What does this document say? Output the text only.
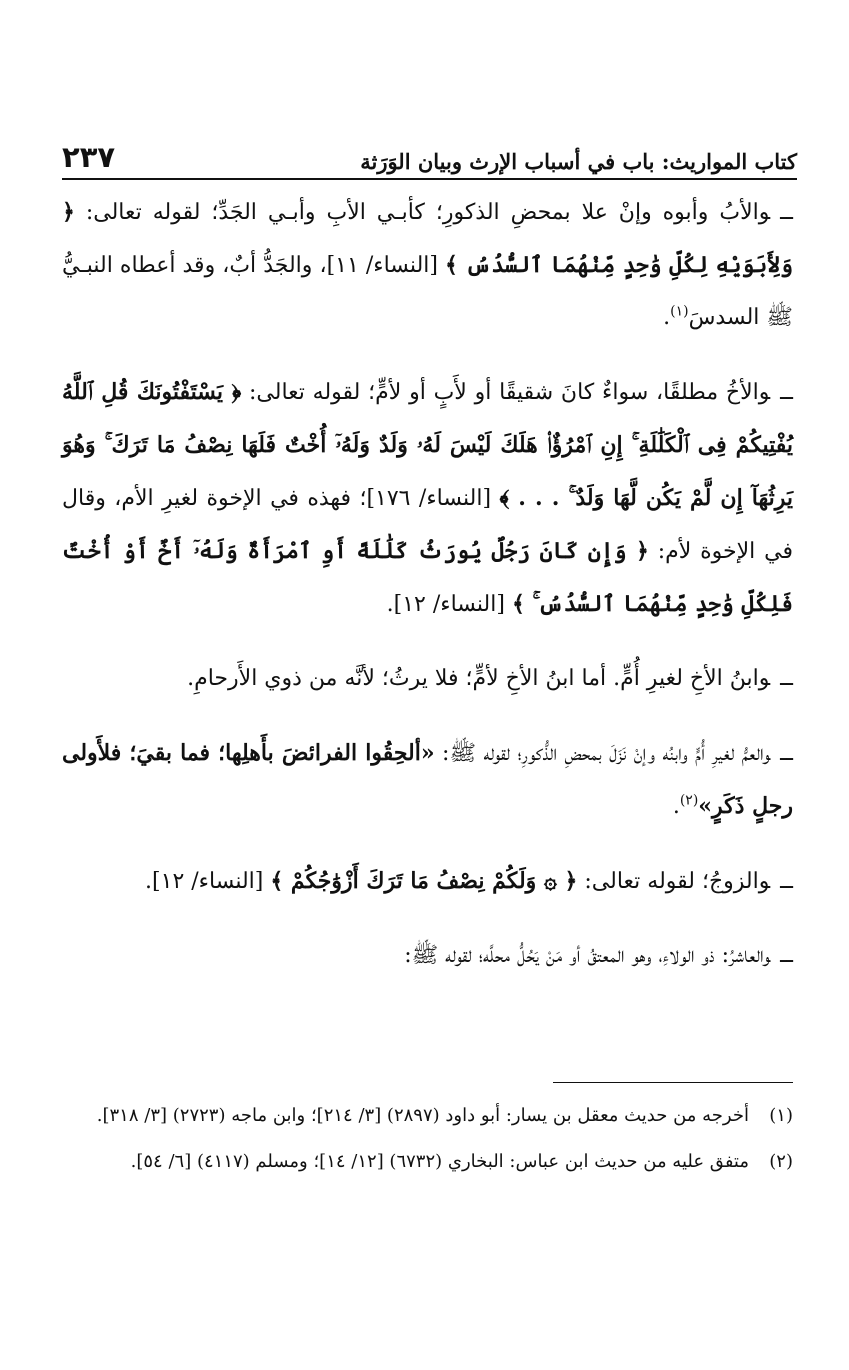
كتاب المواريث: باب في أسباب الإرث وبيان الوَرَثة
٢٣٧

ــوالأبُ وأبوه وإنْ علا بمحضِ الذكورِ؛ كأبـي الأبِ وأبـي الجَدِّ؛ لقوله تعالى: ﴿ وَلِأَبَوَيْهِ لِكُلِّ وَٰحِدٍ مِّنْهُمَا ٱلسُّدُسُ ﴾ [النساء/ ١١]، والجَدُّ أبٌ، وقد أعطاه النبـيُّ ﷺ السدسَ$^{(١)}$.

ــوالأخُ مطلقًا، سواءٌ كانَ شقيقًا أو لأَبٍ أو لأمٍّ؛ لقوله تعالى: ﴿ يَسْتَفْتُونَكَ قُلِ ٱللَّهُ يُفْتِيكُمْ فِى ٱلْكَلَٰلَةِ ۚ إِنِ ٱمْرُؤٌا۟ هَلَكَ لَيْسَ لَهُۥ وَلَدٌ وَلَهُۥٓ أُخْتٌ فَلَهَا نِصْفُ مَا تَرَكَ ۚ وَهُوَ يَرِثُهَآ إِن لَّمْ يَكُن لَّهَا وَلَدٌ ۚ . . . ﴾ [النساء/ ١٧٦]؛ فهذه في الإخوة لغيرِ الأم، وقال في الإخوة لأم: ﴿ وَإِن كَانَ رَجُلٌ يُورَثُ كَلَٰلَةً أَوِ ٱمْرَأَةٌ وَلَهُۥٓ أَخٌ أَوْ أُخْتٌ فَلِكُلِّ وَٰحِدٍ مِّنْهُمَا ٱلسُّدُسُ ۚ ﴾ [النساء/ ١٢].

ــوابنُ الأخِ لغيرِ أُمٍّ. أما ابنُ الأخِ لأمٍّ؛ فلا يرثُ؛ لأنَّه من ذوي الأَرحامِ.

ــوالعمُّ لغيرِ أُمٍّ وابنُه وإنْ نَزَلَ بمحضِ الذُّكورِ؛ لقوله ﷺ: «ألحِقُوا الفرائضَ بأَهلِها؛ فما بقيَ؛ فلأَولى رجلٍ ذَكَرٍ»$^{(٢)}$.

ــوالزوجُ؛ لقوله تعالى: ﴿ ۞ وَلَكُمْ نِصْفُ مَا تَرَكَ أَزْوَٰجُكُمْ ﴾ [النساء/ ١٢].

ــوالعاشرُ: ذو الولاءِ، وهو المعتقُ أو مَنْ يَحُلُّ محلَّه؛ لقوله ﷺ:

(١)
أخرجه من حديث معقل بن يسار: أبو داود (٢٨٩٧) [٣/ ٢١٤]؛ وابن ماجه (٢٧٢٣) [٣/ ٣١٨].

(٢)
متفق عليه من حديث ابن عباس: البخاري (٦٧٣٢) [١٢/ ١٤]؛ ومسلم (٤١١٧) [٦/ ٥٤].
